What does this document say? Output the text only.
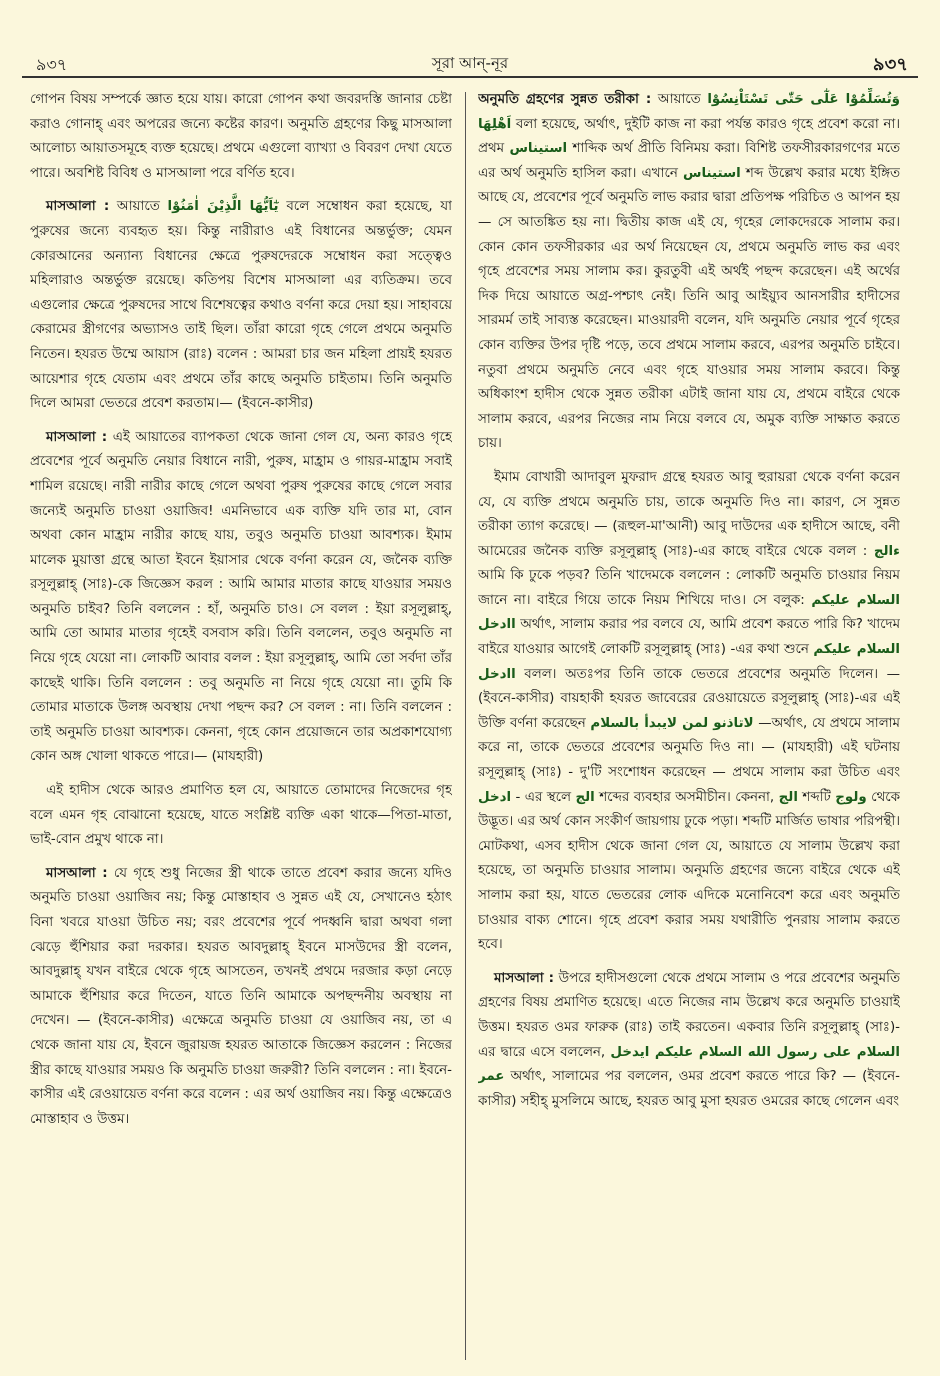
৯৩৭	সূরা আন্-নূর	৯৩৭

গোপন বিষয় সম্পর্কে জ্ঞাত হয়ে যায়। কারো গোপন কথা জবরদস্তি জানার চেষ্টা করাও গোনাহ্ এবং অপরের জন্যে কষ্টের কারণ। অনুমতি গ্রহণের কিছু মাসআলা আলোচ্য আয়াতসমূহে ব্যক্ত হয়েছে। প্রথমে এগুলো ব্যাখ্যা ও বিবরণ দেখা যেতে পারে। অবশিষ্ট বিবিধ ও মাসআলা পরে বর্ণিত হবে।

মাসআলা : আয়াতে يٰٓاَيُّهَا الَّذِيْنَ اٰمَنُوْا বলে সম্বোধন করা হয়েছে, যা পুরুষের জন্যে ব্যবহৃত হয়। কিন্তু নারীরাও এই বিধানের অন্তর্ভুক্ত; যেমন কোরআনের অন্যান্য বিধানের ক্ষেত্রে পুরুষদেরকে সম্বোধন করা সত্ত্বেও মহিলারাও অন্তর্ভুক্ত রয়েছে। কতিপয় বিশেষ মাসআলা এর ব্যতিক্রম। তবে এগুলোর ক্ষেত্রে পুরুষদের সাথে বিশেষত্বের কথাও বর্ণনা করে দেয়া হয়। সাহাবয়ে কেরামের স্ত্রীগণের অভ্যাসও তাই ছিল। তাঁরা কারো গৃহে গেলে প্রথমে অনুমতি নিতেন। হযরত উম্মে আয়াস (রাঃ) বলেন : আমরা চার জন মহিলা প্রায়ই হযরত আয়েশার গৃহে যেতাম এবং প্রথমে তাঁর কাছে অনুমতি চাইতাম। তিনি অনুমতি দিলে আমরা ভেতরে প্রবেশ করতাম।— (ইবনে-কাসীর)

মাসআলা : এই আয়াতের ব্যাপকতা থেকে জানা গেল যে, অন্য কারও গৃহে প্রবেশের পূর্বে অনুমতি নেয়ার বিধানে নারী, পুরুষ, মাহ্রাম ও গায়র-মাহ্রাম সবাই শামিল রয়েছে। নারী নারীর কাছে গেলে অথবা পুরুষ পুরুষের কাছে গেলে সবার জন্যেই অনুমতি চাওয়া ওয়াজিব! এমনিভাবে এক ব্যক্তি যদি তার মা, বোন অথবা কোন মাহ্রাম নারীর কাছে যায়, তবুও অনুমতি চাওয়া আবশ্যক। ইমাম মালেক মুয়াত্তা গ্রন্থে আতা ইবনে ইয়াসার থেকে বর্ণনা করেন যে, জনৈক ব্যক্তি রসূলুল্লাহ্ (সাঃ)-কে জিজ্ঞেস করল : আমি আমার মাতার কাছে যাওয়ার সময়ও অনুমতি চাইব? তিনি বললেন : হাঁ, অনুমতি চাও। সে বলল : ইয়া রসূলুল্লাহ্, আমি তো আমার মাতার গৃহেই বসবাস করি। তিনি বললেন, তবুও অনুমতি না নিয়ে গৃহে যেয়ো না। লোকটি আবার বলল : ইয়া রসূলুল্লাহ্, আমি তো সর্বদা তাঁর কাছেই থাকি। তিনি বললেন : তবু অনুমতি না নিয়ে গৃহে যেয়ো না। তুমি কি তোমার মাতাকে উলঙ্গ অবস্থায় দেখা পছন্দ কর? সে বলল : না। তিনি বললেন : তাই অনুমতি চাওয়া আবশ্যক। কেননা, গৃহে কোন প্রয়োজনে তার অপ্রকাশযোগ্য কোন অঙ্গ খোলা থাকতে পারে।— (মাযহারী)

এই হাদীস থেকে আরও প্রমাণিত হল যে, আয়াতে তোমাদের নিজেদের গৃহ বলে এমন গৃহ বোঝানো হয়েছে, যাতে সংশ্লিষ্ট ব্যক্তি একা থাকে—পিতা-মাতা, ভাই-বোন প্রমুখ থাকে না।

মাসআলা : যে গৃহে শুধু নিজের স্ত্রী থাকে তাতে প্রবেশ করার জন্যে যদিও অনুমতি চাওয়া ওয়াজিব নয়; কিন্তু মোস্তাহাব ও সুন্নত এই যে, সেখানেও হঠাৎ বিনা খবরে যাওয়া উচিত নয়; বরং প্রবেশের পূর্বে পদধ্বনি দ্বারা অথবা গলা ঝেড়ে হুঁশিয়ার করা দরকার। হযরত আবদুল্লাহ্ ইবনে মাসউদের স্ত্রী বলেন, আবদুল্লাহ্ যখন বাইরে থেকে গৃহে আসতেন, তখনই প্রথমে দরজার কড়া নেড়ে আমাকে হুঁশিয়ার করে দিতেন, যাতে তিনি আমাকে অপছন্দনীয় অবস্থায় না দেখেন। — (ইবনে-কাসীর) এক্ষেত্রে অনুমতি চাওয়া যে ওয়াজিব নয়, তা এ থেকে জানা যায় যে, ইবনে জুরায়জ হযরত আতাকে জিজ্ঞেস করলেন : নিজের স্ত্রীর কাছে যাওয়ার সময়ও কি অনুমতি চাওয়া জরুরী? তিনি বললেন : না। ইবনে-কাসীর এই রেওয়ায়েত বর্ণনা করে বলেন : এর অর্থ ওয়াজিব নয়। কিন্তু এক্ষেত্রেও মোস্তাহাব ও উত্তম।

অনুমতি গ্রহণের সুন্নত তরীকা : আয়াতে حَتّٰى تَسْتَاْنِسُوْا وَتُسَلِّمُوْا عَلٰٓى اَهْلِهَا বলা হয়েছে, অর্থাৎ, দুইটি কাজ না করা পর্যন্ত কারও গৃহে প্রবেশ করো না। প্রথম استيناس শাব্দিক অর্থ প্রীতি বিনিময় করা। বিশিষ্ট তফসীরকারগণের মতে এর অর্থ অনুমতি হাসিল করা। এখানে استيناس শব্দ উল্লেখ করার মধ্যে ইঙ্গিত আছে যে, প্রবেশের পূর্বে অনুমতি লাভ করার দ্বারা প্রতিপক্ষ পরিচিত ও আপন হয়— সে আতঙ্কিত হয় না। দ্বিতীয় কাজ এই যে, গৃহের লোকদেরকে সালাম কর। কোন কোন তফসীরকার এর অর্থ নিয়েছেন যে, প্রথমে অনুমতি লাভ কর এবং গৃহে প্রবেশের সময় সালাম কর। কুরতুবী এই অর্থই পছন্দ করেছেন। এই অর্থের দিক দিয়ে আয়াতে অগ্র-পশ্চাৎ নেই। তিনি আবু আইয়্যুব আনসারীর হাদীসের সারমর্ম তাই সাব্যস্ত করেছেন। মাওয়ারদী বলেন, যদি অনুমতি নেয়ার পূর্বে গৃহের কোন ব্যক্তির উপর দৃষ্টি পড়ে, তবে প্রথমে সালাম করবে, এরপর অনুমতি চাইবে। নতুবা প্রথমে অনুমতি নেবে এবং গৃহে যাওয়ার সময় সালাম করবে। কিন্তু অধিকাংশ হাদীস থেকে সুন্নত তরীকা এটাই জানা যায় যে, প্রথমে বাইরে থেকে সালাম করবে, এরপর নিজের নাম নিয়ে বলবে যে, অমুক ব্যক্তি সাক্ষাত করতে চায়।

ইমাম বোখারী আদাবুল মুফরাদ গ্রন্থে হযরত আবু হুরায়রা থেকে বর্ণনা করেন যে, যে ব্যক্তি প্রথমে অনুমতি চায়, তাকে অনুমতি দিও না। কারণ, সে সুন্নত তরীকা ত্যাগ করেছে। — (রূহুল-মা'আনী) আবু দাউদের এক হাদীসে আছে, বনী আমেরের জনৈক ব্যক্তি রসূলুল্লাহ্ (সাঃ)-এর কাছে বাইরে থেকে বলল : ءالج আমি কি ঢুকে পড়ব? তিনি খাদেমকে বললেন : লোকটি অনুমতি চাওয়ার নিয়ম জানে না। বাইরে গিয়ে তাকে নিয়ম শিখিয়ে দাও। সে বলুক: السلام عليكم اادخل অর্থাৎ, সালাম করার পর বলবে যে, আমি প্রবেশ করতে পারি কি? খাদেম বাইরে যাওয়ার আগেই লোকটি রসূলুল্লাহ্ (সাঃ) -এর কথা শুনে السلام عليكم اادخل বলল। অতঃপর তিনি তাকে ভেতরে প্রবেশের অনুমতি দিলেন। — (ইবনে-কাসীর) বায়হাকী হযরত জাবেরের রেওয়ায়েতে রসূলুল্লাহ্ (সাঃ)-এর এই উক্তি বর্ণনা করেছেন لاتاذنو لمن لايبدأ بالسلام —অর্থাৎ, যে প্রথমে সালাম করে না, তাকে ভেতরে প্রবেশের অনুমতি দিও না। — (মাযহারী) এই ঘটনায় রসূলুল্লাহ্ (সাঃ) - দু'টি সংশোধন করেছেন — প্রথমে সালাম করা উচিত এবং ادخل - এর স্থলে الج শব্দের ব্যবহার অসমীচীন। কেননা, الج শব্দটি ولوج থেকে উদ্ভূত। এর অর্থ কোন সংকীর্ণ জায়গায় ঢুকে পড়া। শব্দটি মার্জিত ভাষার পরিপন্থী। মোটকথা, এসব হাদীস থেকে জানা গেল যে, আয়াতে যে সালাম উল্লেখ করা হয়েছে, তা অনুমতি চাওয়ার সালাম। অনুমতি গ্রহণের জন্যে বাইরে থেকে এই সালাম করা হয়, যাতে ভেতরের লোক এদিকে মনোনিবেশ করে এবং অনুমতি চাওয়ার বাক্য শোনে। গৃহে প্রবেশ করার সময় যথারীতি পুনরায় সালাম করতে হবে।

মাসআলা : উপরে হাদীসগুলো থেকে প্রথমে সালাম ও পরে প্রবেশের অনুমতি গ্রহণের বিষয় প্রমাণিত হয়েছে। এতে নিজের নাম উল্লেখ করে অনুমতি চাওয়াই উত্তম। হযরত ওমর ফারুক (রাঃ) তাই করতেন। একবার তিনি রসূলুল্লাহ্ (সাঃ)-এর দ্বারে এসে বললেন, السلام على رسول الله السلام عليكم ايدخل عمر অর্থাৎ, সালামের পর বললেন, ওমর প্রবেশ করতে পারে কি? — (ইবনে-কাসীর) সহীহ্ মুসলিমে আছে, হযরত আবু মুসা হযরত ওমরের কাছে গেলেন এবং
